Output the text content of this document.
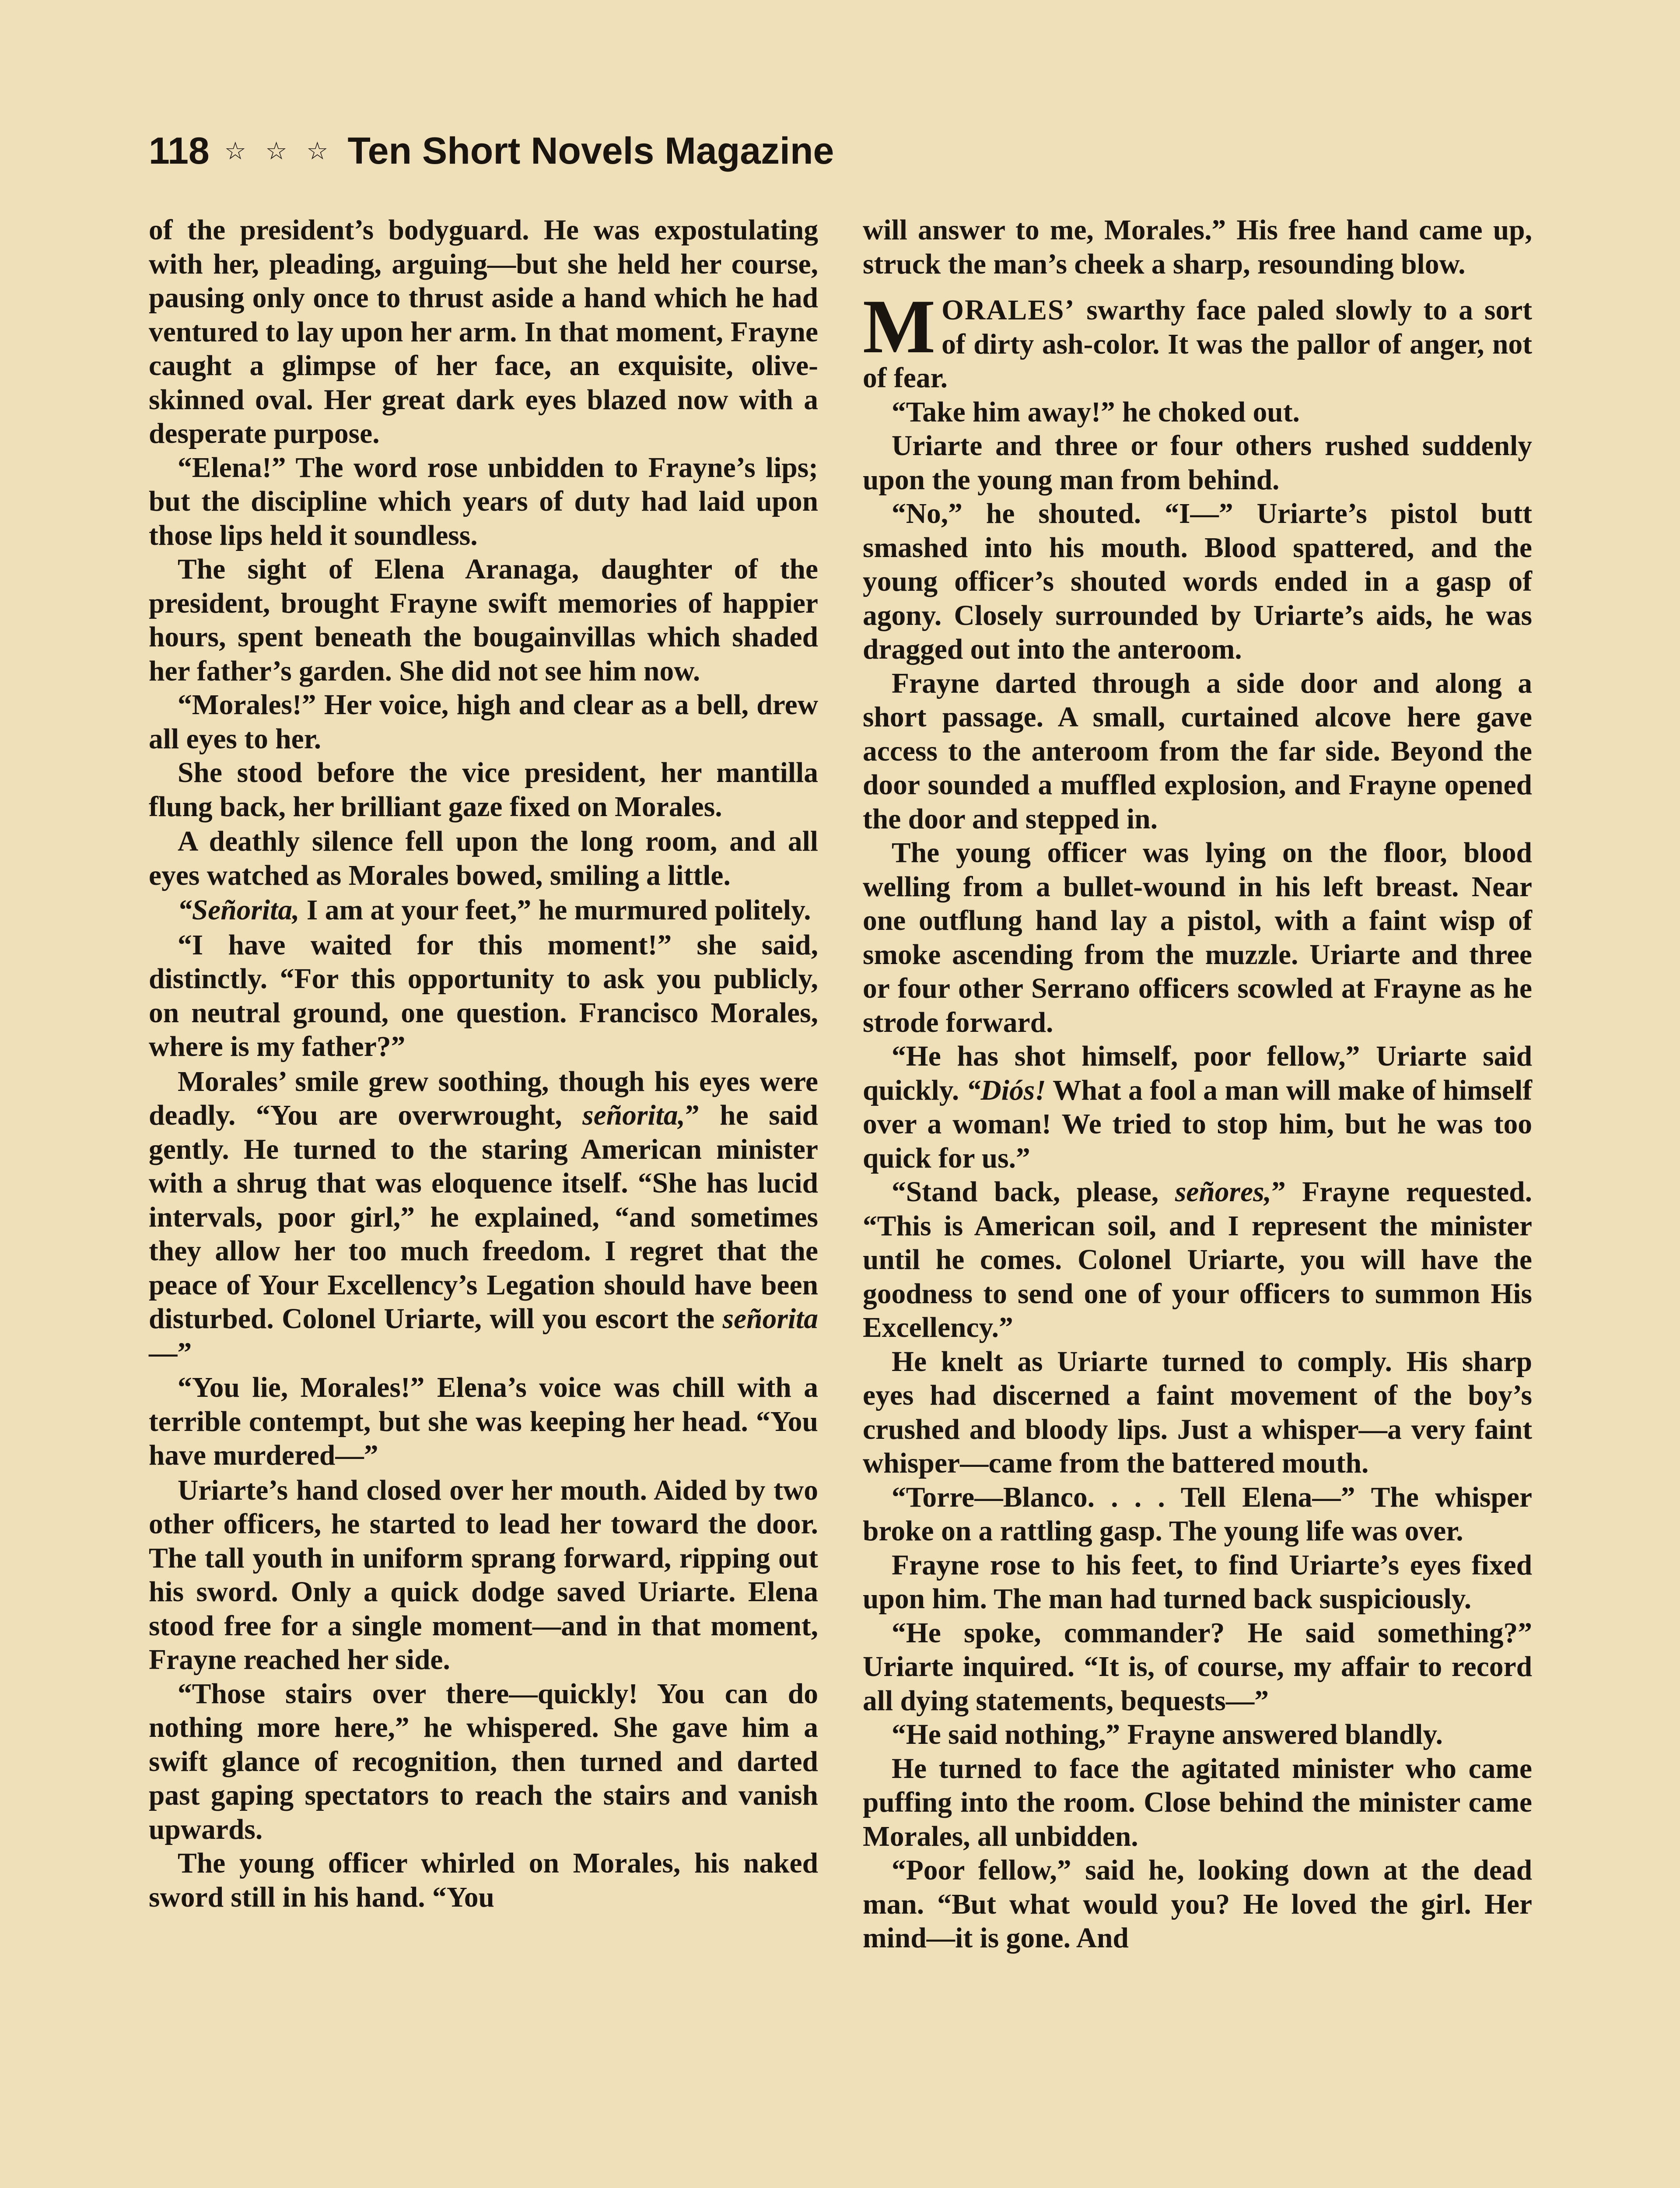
118 ☆ ☆ ☆ Ten Short Novels Magazine

of the president’s bodyguard. He was expostulating with her, pleading, arguing—but she held her course, pausing only once to thrust aside a hand which he had ventured to lay upon her arm. In that moment, Frayne caught a glimpse of her face, an exquisite, olive-skinned oval. Her great dark eyes blazed now with a desperate purpose.

“Elena!” The word rose unbidden to Frayne’s lips; but the discipline which years of duty had laid upon those lips held it soundless.

The sight of Elena Aranaga, daughter of the president, brought Frayne swift memories of happier hours, spent beneath the bougainvillas which shaded her father’s garden. She did not see him now.

“Morales!” Her voice, high and clear as a bell, drew all eyes to her.

She stood before the vice president, her mantilla flung back, her brilliant gaze fixed on Morales.

A deathly silence fell upon the long room, and all eyes watched as Morales bowed, smiling a little.

“Señorita, I am at your feet,” he murmured politely.

“I have waited for this moment!” she said, distinctly. “For this opportunity to ask you publicly, on neutral ground, one question. Francisco Morales, where is my father?”

Morales’ smile grew soothing, though his eyes were deadly. “You are overwrought, señorita,” he said gently. He turned to the staring American minister with a shrug that was eloquence itself. “She has lucid intervals, poor girl,” he explained, “and sometimes they allow her too much freedom. I regret that the peace of Your Excellency’s Legation should have been disturbed. Colonel Uriarte, will you escort the señorita—”

“You lie, Morales!” Elena’s voice was chill with a terrible contempt, but she was keeping her head. “You have murdered—”

Uriarte’s hand closed over her mouth. Aided by two other officers, he started to lead her toward the door. The tall youth in uniform sprang forward, ripping out his sword. Only a quick dodge saved Uriarte. Elena stood free for a single moment—and in that moment, Frayne reached her side.

“Those stairs over there—quickly! You can do nothing more here,” he whispered. She gave him a swift glance of recognition, then turned and darted past gaping spectators to reach the stairs and vanish upwards.

The young officer whirled on Morales, his naked sword still in his hand. “You

will answer to me, Morales.” His free hand came up, struck the man’s cheek a sharp, resounding blow.

MORALES’ swarthy face paled slowly to a sort of dirty ash-color. It was the pallor of anger, not of fear.

“Take him away!” he choked out.

Uriarte and three or four others rushed suddenly upon the young man from behind.

“No,” he shouted. “I—” Uriarte’s pistol butt smashed into his mouth. Blood spattered, and the young officer’s shouted words ended in a gasp of agony. Closely surrounded by Uriarte’s aids, he was dragged out into the anteroom.

Frayne darted through a side door and along a short passage. A small, curtained alcove here gave access to the anteroom from the far side. Beyond the door sounded a muffled explosion, and Frayne opened the door and stepped in.

The young officer was lying on the floor, blood welling from a bullet-wound in his left breast. Near one outflung hand lay a pistol, with a faint wisp of smoke ascending from the muzzle. Uriarte and three or four other Serrano officers scowled at Frayne as he strode forward.

“He has shot himself, poor fellow,” Uriarte said quickly. “Diós! What a fool a man will make of himself over a woman! We tried to stop him, but he was too quick for us.”

“Stand back, please, señores,” Frayne requested. “This is American soil, and I represent the minister until he comes. Colonel Uriarte, you will have the goodness to send one of your officers to summon His Excellency.”

He knelt as Uriarte turned to comply. His sharp eyes had discerned a faint movement of the boy’s crushed and bloody lips. Just a whisper—a very faint whisper—came from the battered mouth.

“Torre—Blanco. . . . Tell Elena—” The whisper broke on a rattling gasp. The young life was over.

Frayne rose to his feet, to find Uriarte’s eyes fixed upon him. The man had turned back suspiciously.

“He spoke, commander? He said something?” Uriarte inquired. “It is, of course, my affair to record all dying statements, bequests—”

“He said nothing,” Frayne answered blandly.

He turned to face the agitated minister who came puffing into the room. Close behind the minister came Morales, all unbidden.

“Poor fellow,” said he, looking down at the dead man. “But what would you? He loved the girl. Her mind—it is gone. And
